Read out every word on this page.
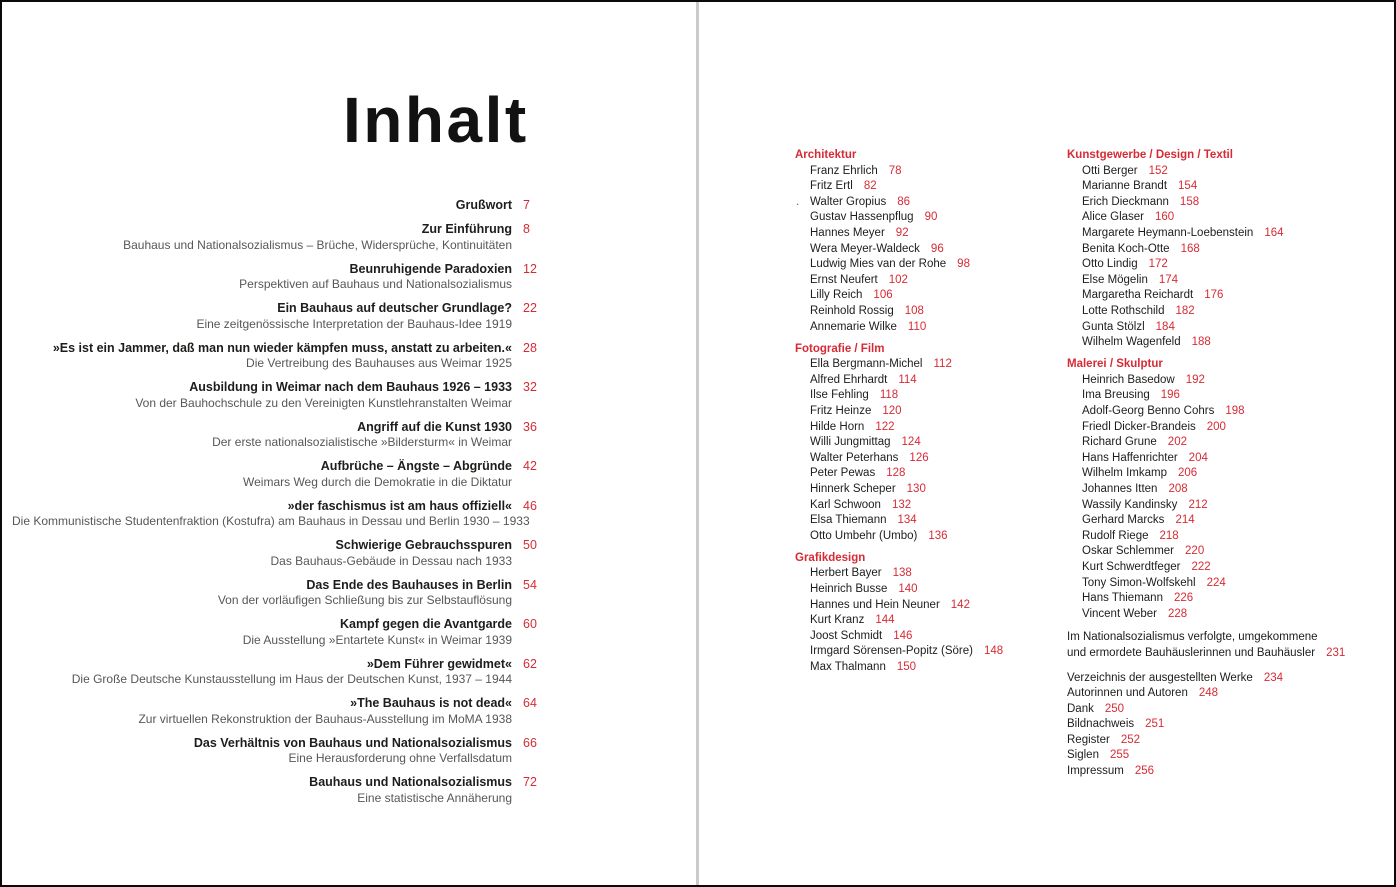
Inhalt
Grußwort 7
Zur Einführung 8
Bauhaus und Nationalsozialismus – Brüche, Widersprüche, Kontinuitäten
Beunruhigende Paradoxien 12
Perspektiven auf Bauhaus und Nationalsozialismus
Ein Bauhaus auf deutscher Grundlage? 22
Eine zeitgenössische Interpretation der Bauhaus-Idee 1919
»Es ist ein Jammer, daß man nun wieder kämpfen muss, anstatt zu arbeiten.« 28
Die Vertreibung des Bauhauses aus Weimar 1925
Ausbildung in Weimar nach dem Bauhaus 1926 – 1933 32
Von der Bauhochschule zu den Vereinigten Kunstlehranstalten Weimar
Angriff auf die Kunst 1930 36
Der erste nationalsozialistische »Bildersturm« in Weimar
Aufbrüche – Ängste – Abgründe 42
Weimars Weg durch die Demokratie in die Diktatur
»der faschismus ist am haus offiziell« 46
Die Kommunistische Studentenfraktion (Kostufra) am Bauhaus in Dessau und Berlin 1930 – 1933
Schwierige Gebrauchsspuren 50
Das Bauhaus-Gebäude in Dessau nach 1933
Das Ende des Bauhauses in Berlin 54
Von der vorläufigen Schließung bis zur Selbstauflösung
Kampf gegen die Avantgarde 60
Die Ausstellung »Entartete Kunst« in Weimar 1939
»Dem Führer gewidmet« 62
Die Große Deutsche Kunstausstellung im Haus der Deutschen Kunst, 1937 – 1944
»The Bauhaus is not dead« 64
Zur virtuellen Rekonstruktion der Bauhaus-Ausstellung im MoMA 1938
Das Verhältnis von Bauhaus und Nationalsozialismus 66
Eine Herausforderung ohne Verfallsdatum
Bauhaus und Nationalsozialismus 72
Eine statistische Annäherung
Architektur
Franz Ehrlich 78
Fritz Ertl 82
. Walter Gropius 86
Gustav Hassenpflug 90
Hannes Meyer 92
Wera Meyer-Waldeck 96
Ludwig Mies van der Rohe 98
Ernst Neufert 102
Lilly Reich 106
Reinhold Rossig 108
Annemarie Wilke 110
Fotografie / Film
Ella Bergmann-Michel 112
Alfred Ehrhardt 114
Ilse Fehling 118
Fritz Heinze 120
Hilde Horn 122
Willi Jungmittag 124
Walter Peterhans 126
Peter Pewas 128
Hinnerk Scheper 130
Karl Schwoon 132
Elsa Thiemann 134
Otto Umbehr (Umbo) 136
Grafikdesign
Herbert Bayer 138
Heinrich Busse 140
Hannes und Hein Neuner 142
Kurt Kranz 144
Joost Schmidt 146
Irmgard Sörensen-Popitz (Söre) 148
Max Thalmann 150
Kunstgewerbe / Design / Textil
Otti Berger 152
Marianne Brandt 154
Erich Dieckmann 158
Alice Glaser 160
Margarete Heymann-Loebenstein 164
Benita Koch-Otte 168
Otto Lindig 172
Else Mögelin 174
Margaretha Reichardt 176
Lotte Rothschild 182
Gunta Stölzl 184
Wilhelm Wagenfeld 188
Malerei / Skulptur
Heinrich Basedow 192
Ima Breusing 196
Adolf-Georg Benno Cohrs 198
Friedl Dicker-Brandeis 200
Richard Grune 202
Hans Haffenrichter 204
Wilhelm Imkamp 206
Johannes Itten 208
Wassily Kandinsky 212
Gerhard Marcks 214
Rudolf Riege 218
Oskar Schlemmer 220
Kurt Schwerdtfeger 222
Tony Simon-Wolfskehl 224
Hans Thiemann 226
Vincent Weber 228
Im Nationalsozialismus verfolgte, umgekommene
und ermordete Bauhäuslerinnen und Bauhäusler 231
Verzeichnis der ausgestellten Werke 234
Autorinnen und Autoren 248
Dank 250
Bildnachweis 251
Register 252
Siglen 255
Impressum 256
